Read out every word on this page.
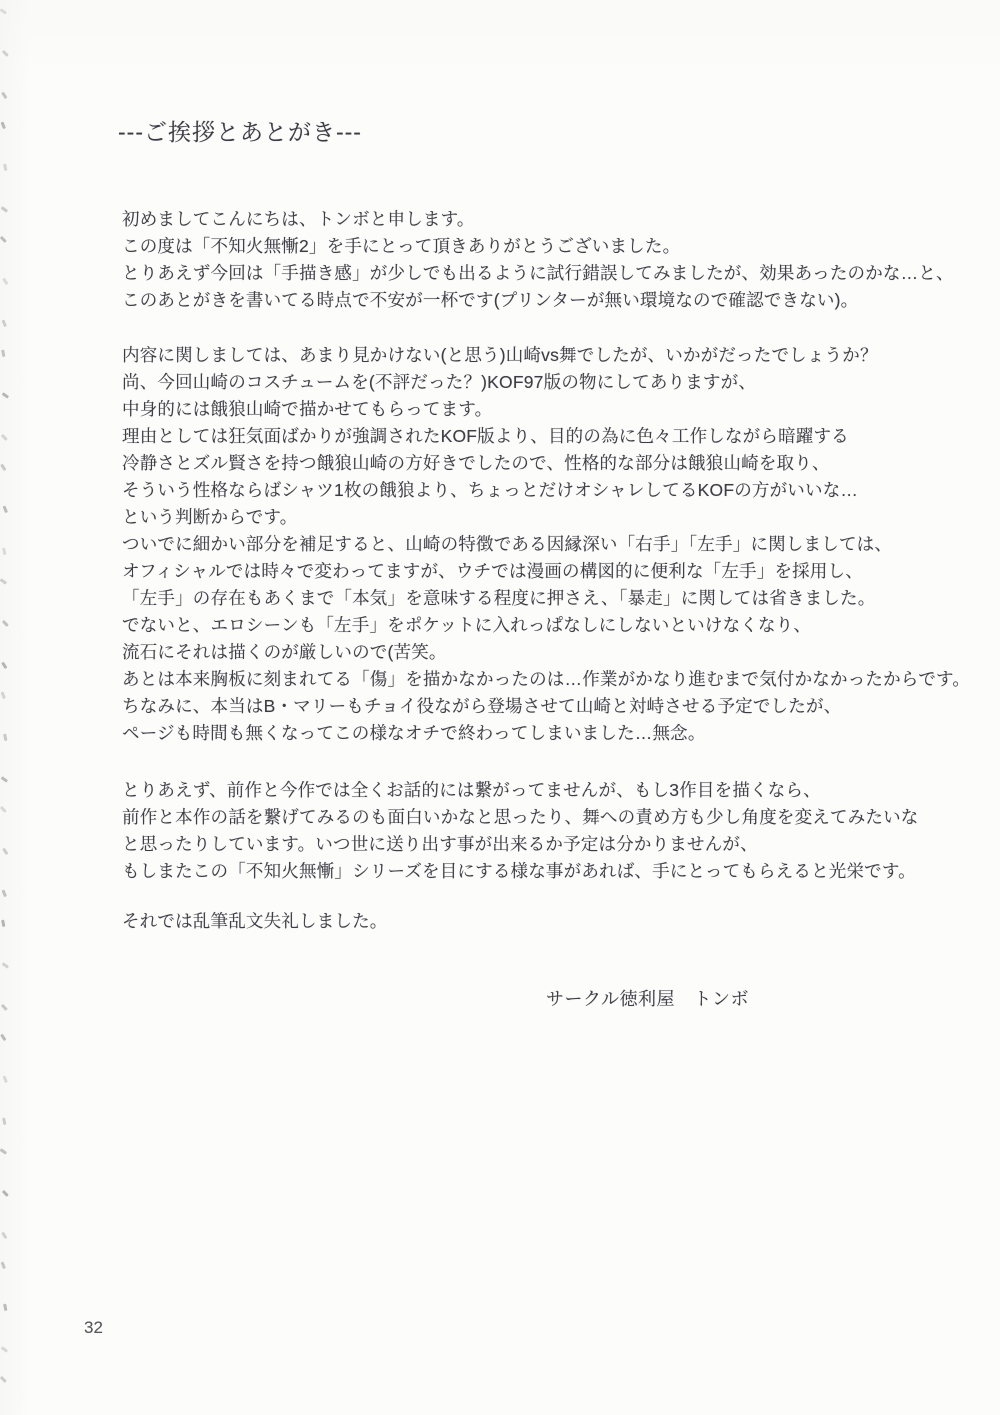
---ご挨拶とあとがき---
初めましてこんにちは、トンボと申します。
この度は「不知火無慚2」を手にとって頂きありがとうございました。
とりあえず今回は「手描き感」が少しでも出るように試行錯誤してみましたが、効果あったのかな…と、
このあとがきを書いてる時点で不安が一杯です(プリンターが無い環境なので確認できない)。
内容に関しましては、あまり見かけない(と思う)山崎vs舞でしたが、いかがだったでしょうか？
尚、今回山崎のコスチュームを(不評だった？)KOF97版の物にしてありますが、
中身的には餓狼山崎で描かせてもらってます。
理由としては狂気面ばかりが強調されたKOF版より、目的の為に色々工作しながら暗躍する
冷静さとズル賢さを持つ餓狼山崎の方好きでしたので、性格的な部分は餓狼山崎を取り、
そういう性格ならばシャツ1枚の餓狼より、ちょっとだけオシャレしてるKOFの方がいいな…
という判断からです。
ついでに細かい部分を補足すると、山崎の特徴である因縁深い「右手」「左手」に関しましては、
オフィシャルでは時々で変わってますが、ウチでは漫画の構図的に便利な「左手」を採用し、
「左手」の存在もあくまで「本気」を意味する程度に押さえ、「暴走」に関しては省きました。
でないと、エロシーンも「左手」をポケットに入れっぱなしにしないといけなくなり、
流石にそれは描くのが厳しいので(苦笑。
あとは本来胸板に刻まれてる「傷」を描かなかったのは…作業がかなり進むまで気付かなかったからです。
ちなみに、本当はB・マリーもチョイ役ながら登場させて山崎と対峙させる予定でしたが、
ページも時間も無くなってこの様なオチで終わってしまいました…無念。
とりあえず、前作と今作では全くお話的には繋がってませんが、もし3作目を描くなら、
前作と本作の話を繋げてみるのも面白いかなと思ったり、舞への責め方も少し角度を変えてみたいな
と思ったりしています。いつ世に送り出す事が出来るか予定は分かりませんが、
もしまたこの「不知火無慚」シリーズを目にする様な事があれば、手にとってもらえると光栄です。
それでは乱筆乱文失礼しました。
サークル徳利屋　トンボ
32
